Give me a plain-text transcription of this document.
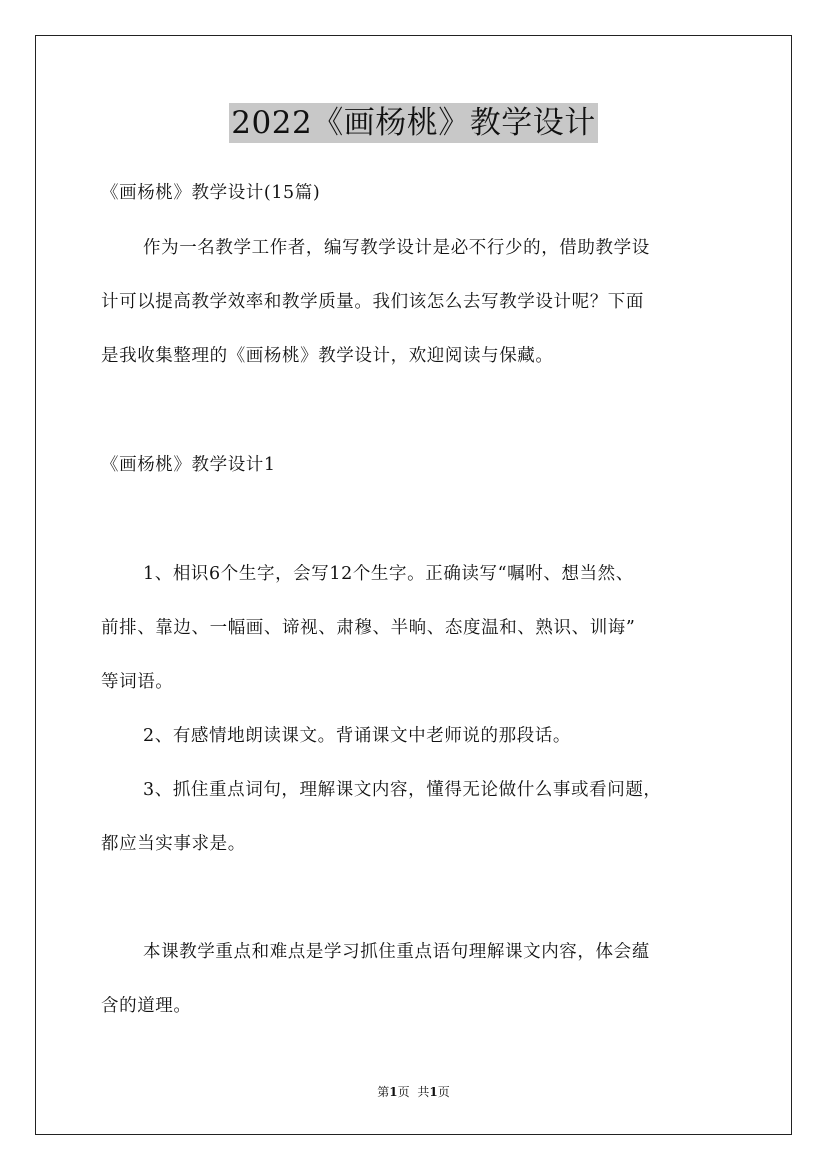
2022《画杨桃》教学设计
《画杨桃》教学设计(15篇)
作为一名教学工作者，编写教学设计是必不行少的，借助教学设
计可以提高教学效率和教学质量。我们该怎么去写教学设计呢？下面
是我收集整理的《画杨桃》教学设计，欢迎阅读与保藏。
《画杨桃》教学设计1
1、相识6个生字，会写12个生字。正确读写“嘱咐、想当然、
前排、靠边、一幅画、谛视、肃穆、半晌、态度温和、熟识、训诲”
等词语。
2、有感情地朗读课文。背诵课文中老师说的那段话。
3、抓住重点词句，理解课文内容，懂得无论做什么事或看问题，
都应当实事求是。
本课教学重点和难点是学习抓住重点语句理解课文内容，体会蕴
含的道理。
第1页 共1页
